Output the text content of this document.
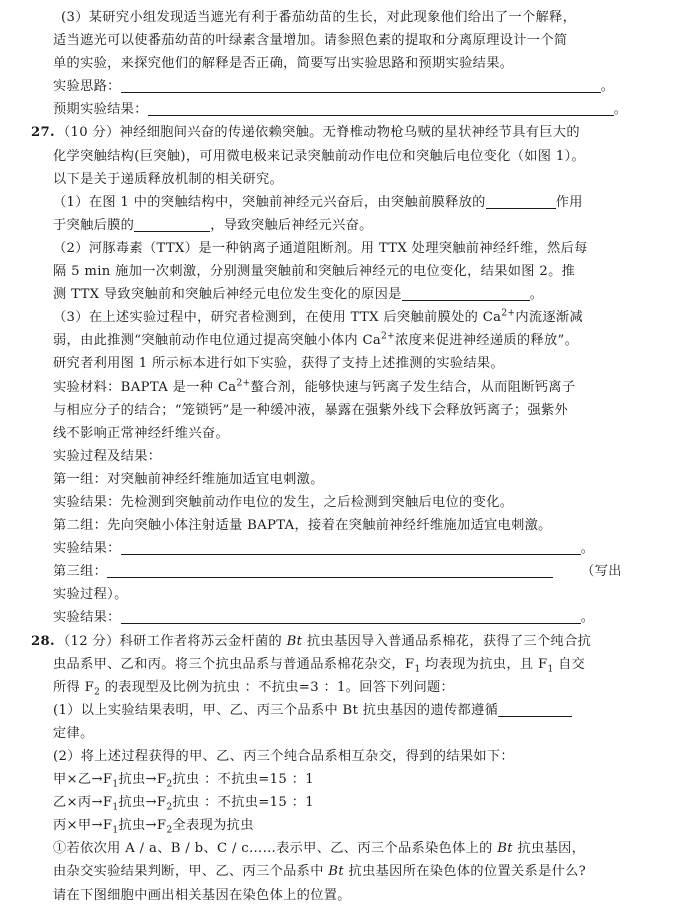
(3）某研究小组发现适当遮光有利于番茄幼苗的生长，对此现象他们给出了一个解释，
适当遮光可以使番茄幼苗的叶绿素含量增加。请参照色素的提取和分离原理设计一个简
单的实验，来探究他们的解释是否正确，简要写出实验思路和预期实验结果。
实验思路：	。
预期实验结果：	。
27. （10 分）神经细胞间兴奋的传递依赖突触。无脊椎动物枪乌贼的星状神经节具有巨大的
化学突触结构(巨突触)，可用微电极来记录突触前动作电位和突触后电位变化（如图 1）。
以下是关于递质释放机制的相关研究。
（1）在图 1 中的突触结构中，突触前神经元兴奋后，由突触前膜释放的	作用
于突触后膜的	，导致突触后神经元兴奋。
（2）河豚毒素（TTX）是一种钠离子通道阻断剂。用 TTX 处理突触前神经纤维，然后每
隔 5 min 施加一次刺激，分别测量突触前和突触后神经元的电位变化，结果如图 2。推
测 TTX 导致突触前和突触后神经元电位发生变化的原因是	。
（3）在上述实验过程中，研究者检测到，在使用 TTX 后突触前膜处的 $Ca^{2+}$内流逐渐减
弱，由此推测“突触前动作电位通过提高突触小体内 $Ca^{2+}$浓度来促进神经递质的释放”。
研究者利用图 1 所示标本进行如下实验，获得了支持上述推测的实验结果。
实验材料：BAPTA 是一种 $Ca^{2+}$螯合剂，能够快速与钙离子发生结合，从而阻断钙离子
与相应分子的结合；“笼锁钙”是一种缓冲液，暴露在强紫外线下会释放钙离子；强紫外
线不影响正常神经纤维兴奋。
实验过程及结果：
第一组：对突触前神经纤维施加适宜电刺激。
实验结果：先检测到突触前动作电位的发生，之后检测到突触后电位的变化。
第二组：先向突触小体注射适量 BAPTA，接着在突触前神经纤维施加适宜电刺激。
实验结果：	。
第三组：	（写出
实验过程）。
实验结果：	。
28. （12 分）科研工作者将苏云金杆菌的 Bt 抗虫基因导入普通品系棉花，获得了三个纯合抗
虫品系甲、乙和丙。将三个抗虫品系与普通品系棉花杂交，$F_1$ 均表现为抗虫，且 $F_1$ 自交
所得 $F_2$ 的表现型及比例为抗虫 ：不抗虫=3 ：1。回答下列问题：
(1）以上实验结果表明，甲、乙、丙三个品系中 Bt 抗虫基因的遗传都遵循
定律。
(2）将上述过程获得的甲、乙、丙三个纯合品系相互杂交，得到的结果如下：
甲×乙$\to F_1$抗虫$\to F_2$抗虫 ：不抗虫=15 ：1
乙×丙$\to F_1$抗虫$\to F_2$抗虫 ：不抗虫=15 ：1
丙×甲$\to F_1$抗虫$\to F_2$全表现为抗虫
①若依次用 A / a、B / b、C / c……表示甲、乙、丙三个品系染色体上的 Bt 抗虫基因，
由杂交实验结果判断，甲、乙、丙三个品系中 Bt 抗虫基因所在染色体的位置关系是什么?
请在下图细胞中画出相关基因在染色体上的位置。
